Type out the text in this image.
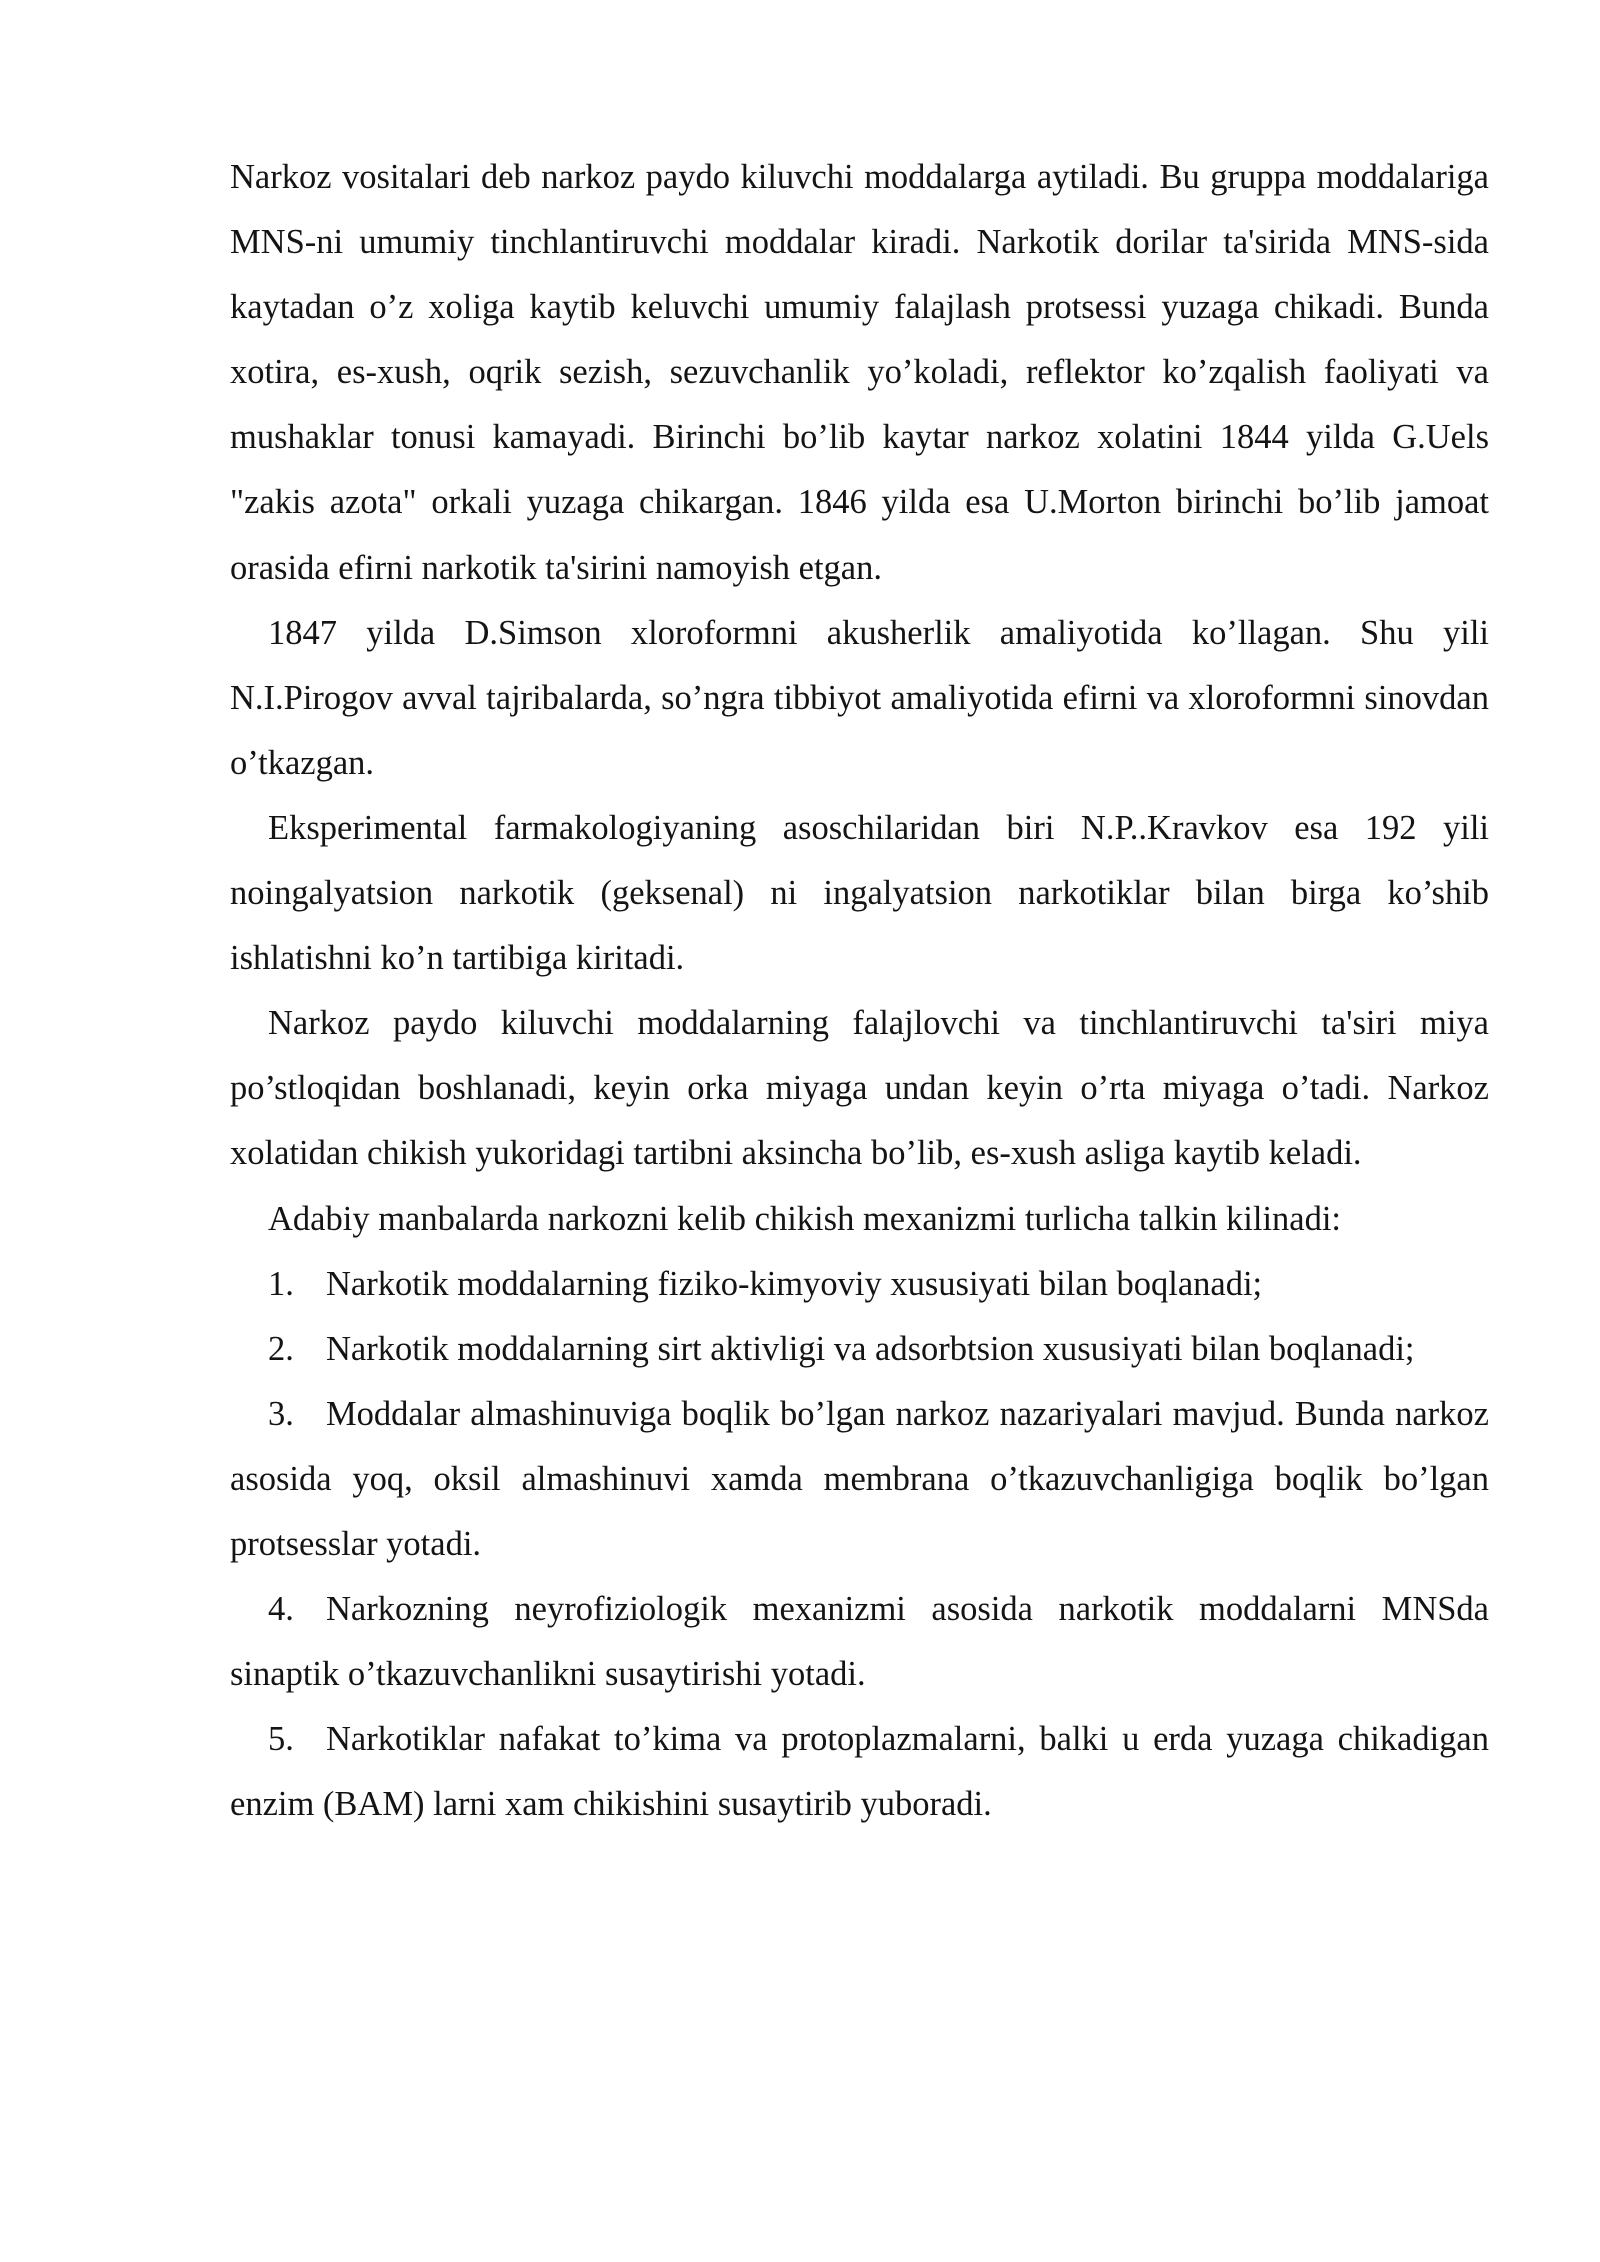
Narkoz vositalari deb narkoz paydo kiluvchi moddalarga aytiladi. Bu gruppa moddalariga MNS-ni umumiy tinchlantiruvchi moddalar kiradi. Narkotik dorilar ta'sirida MNS-sida kaytadan o’z xoliga kaytib keluvchi umumiy falajlash protsessi yuzaga chikadi. Bunda xotira, es-xush, oqrik sezish, sezuvchanlik yo’koladi, reflektor ko’zqalish faoliyati va mushaklar tonusi kamayadi. Birinchi bo’lib kaytar narkoz xolatini 1844 yilda G.Uels "zakis azota" orkali yuzaga chikargan. 1846 yilda esa U.Morton birinchi bo’lib jamoat orasida efirni narkotik ta'sirini namoyish etgan.

1847 yilda D.Simson xloroformni akusherlik amaliyotida ko’llagan. Shu yili N.I.Pirogov avval tajribalarda, so’ngra tibbiyot amaliyotida efirni va xloroformni sinovdan o’tkazgan.

Eksperimental farmakologiyaning asoschilaridan biri N.P..Kravkov esa 192 yili noingalyatsion narkotik (geksenal) ni ingalyatsion narkotiklar bilan birga ko’shib ishlatishni ko’n tartibiga kiritadi.

Narkoz paydo kiluvchi moddalarning falajlovchi va tinchlantiruvchi ta'siri miya po’stloqidan boshlanadi, keyin orka miyaga undan keyin o’rta miyaga o’tadi. Narkoz xolatidan chikish yukoridagi tartibni aksincha bo’lib, es-xush asliga kaytib keladi.

Adabiy manbalarda narkozni kelib chikish mexanizmi turlicha talkin kilinadi:

1. Narkotik moddalarning fiziko-kimyoviy xususiyati bilan boqlanadi;

2. Narkotik moddalarning sirt aktivligi va adsorbtsion xususiyati bilan boqlanadi;

3. Moddalar almashinuviga boqlik bo’lgan narkoz nazariyalari mavjud. Bunda narkoz asosida yoq, oksil almashinuvi xamda membrana o’tkazuvchanligiga boqlik bo’lgan protsesslar yotadi.

4. Narkozning neyrofiziologik mexanizmi asosida narkotik moddalarni MNSda sinaptik o’tkazuvchanlikni susaytirishi yotadi.

5. Narkotiklar nafakat to’kima va protoplazmalarni, balki u erda yuzaga chikadigan enzim (BAM) larni xam chikishini susaytirib yuboradi.
